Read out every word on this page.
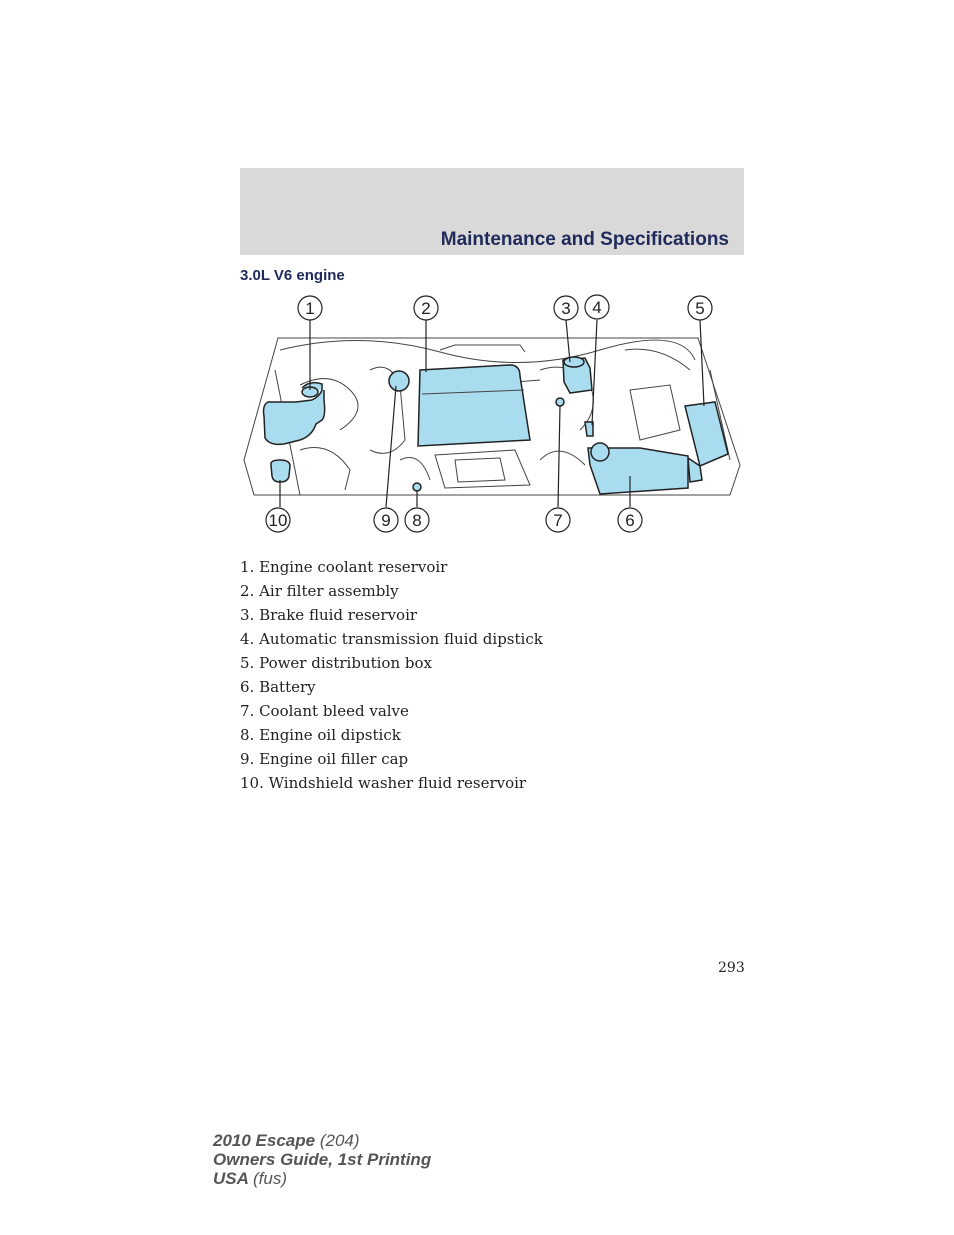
Maintenance and Specifications
3.0L V6 engine
1	2	3 4	5
10	9 8	7	6
1. Engine coolant reservoir
2. Air filter assembly
3. Brake fluid reservoir
4. Automatic transmission fluid dipstick
5. Power distribution box
6. Battery
7. Coolant bleed valve
8. Engine oil dipstick
9. Engine oil filler cap
10. Windshield washer fluid reservoir
293
2010 Escape (204)
Owners Guide, 1st Printing
USA (fus)
